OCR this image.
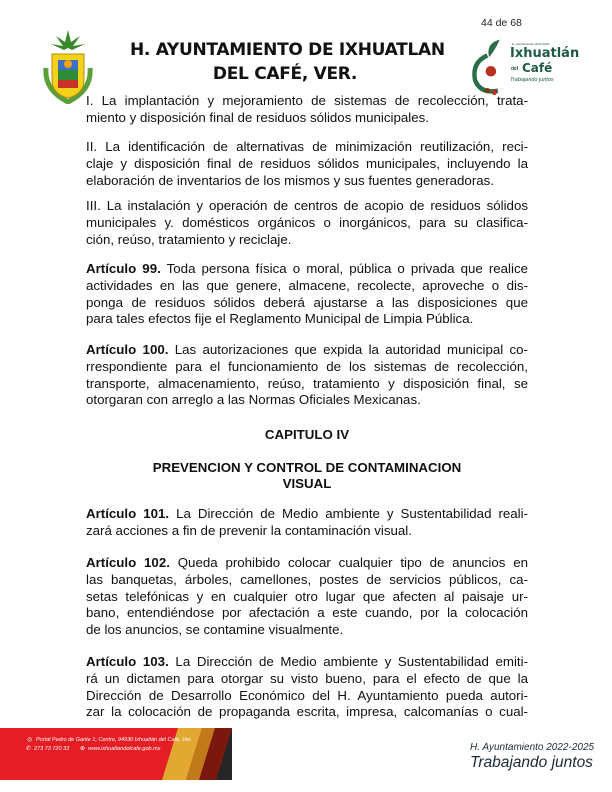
H. AYUNTAMIENTO DE IXHUATLAN
DEL CAFÉ, VER.
44 de 68
H. Ayuntamiento 2022-2025
Ixhuatlán
del Café
Trabajando juntos
I. La implantación y mejoramiento de sistemas de recolección, trata-
miento y disposición final de residuos sólidos municipales.
II. La identificación de alternativas de minimización reutilización, reci-
claje y disposición final de residuos sólidos municipales, incluyendo la
elaboración de inventarios de los mismos y sus fuentes generadoras.
III. La instalación y operación de centros de acopio de residuos sólidos
municipales y. domésticos orgánicos o inorgánicos, para su clasifica-
ción, reúso, tratamiento y reciclaje.
Artículo 99. Toda persona física o moral, pública o privada que realice
actividades en las que genere, almacene, recolecte, aproveche o dis-
ponga de residuos sólidos deberá ajustarse a las disposiciones que
para tales efectos fije el Reglamento Municipal de Limpia Pública.
Artículo 100. Las autorizaciones que expida la autoridad municipal co-
rrespondiente para el funcionamiento de los sistemas de recolección,
transporte, almacenamiento, reúso, tratamiento y disposición final, se
otorgaran con arreglo a las Normas Oficiales Mexicanas.
Artículo 101. La Dirección de Medio ambiente y Sustentabilidad reali-
zará acciones a fin de prevenir la contaminación visual.
Artículo 102. Queda prohibido colocar cualquier tipo de anuncios en
las banquetas, árboles, camellones, postes de servicios públicos, ca-
setas telefónicas y en cualquier otro lugar que afecten al paisaje ur-
bano, entendiéndose por afectación a este cuando, por la colocación
de los anuncios, se contamine visualmente.
Artículo 103. La Dirección de Medio ambiente y Sustentabilidad emiti-
rá un dictamen para otorgar su visto bueno, para el efecto de que la
Dirección de Desarrollo Económico del H. Ayuntamiento pueda autori-
zar la colocación de propaganda escrita, impresa, calcomanías o cual-
CAPITULO IV
PREVENCION Y CONTROL DE CONTAMINACION
VISUAL
◎ Portal Pedro de Gante 1, Centro, 94930 Ixhuatlán del Café, Ver.
✆ 273 73 720 33 ⊕ www.ixhuatlandelcafe.gob.mx	H. Ayuntamiento 2022-2025
Trabajando juntos
